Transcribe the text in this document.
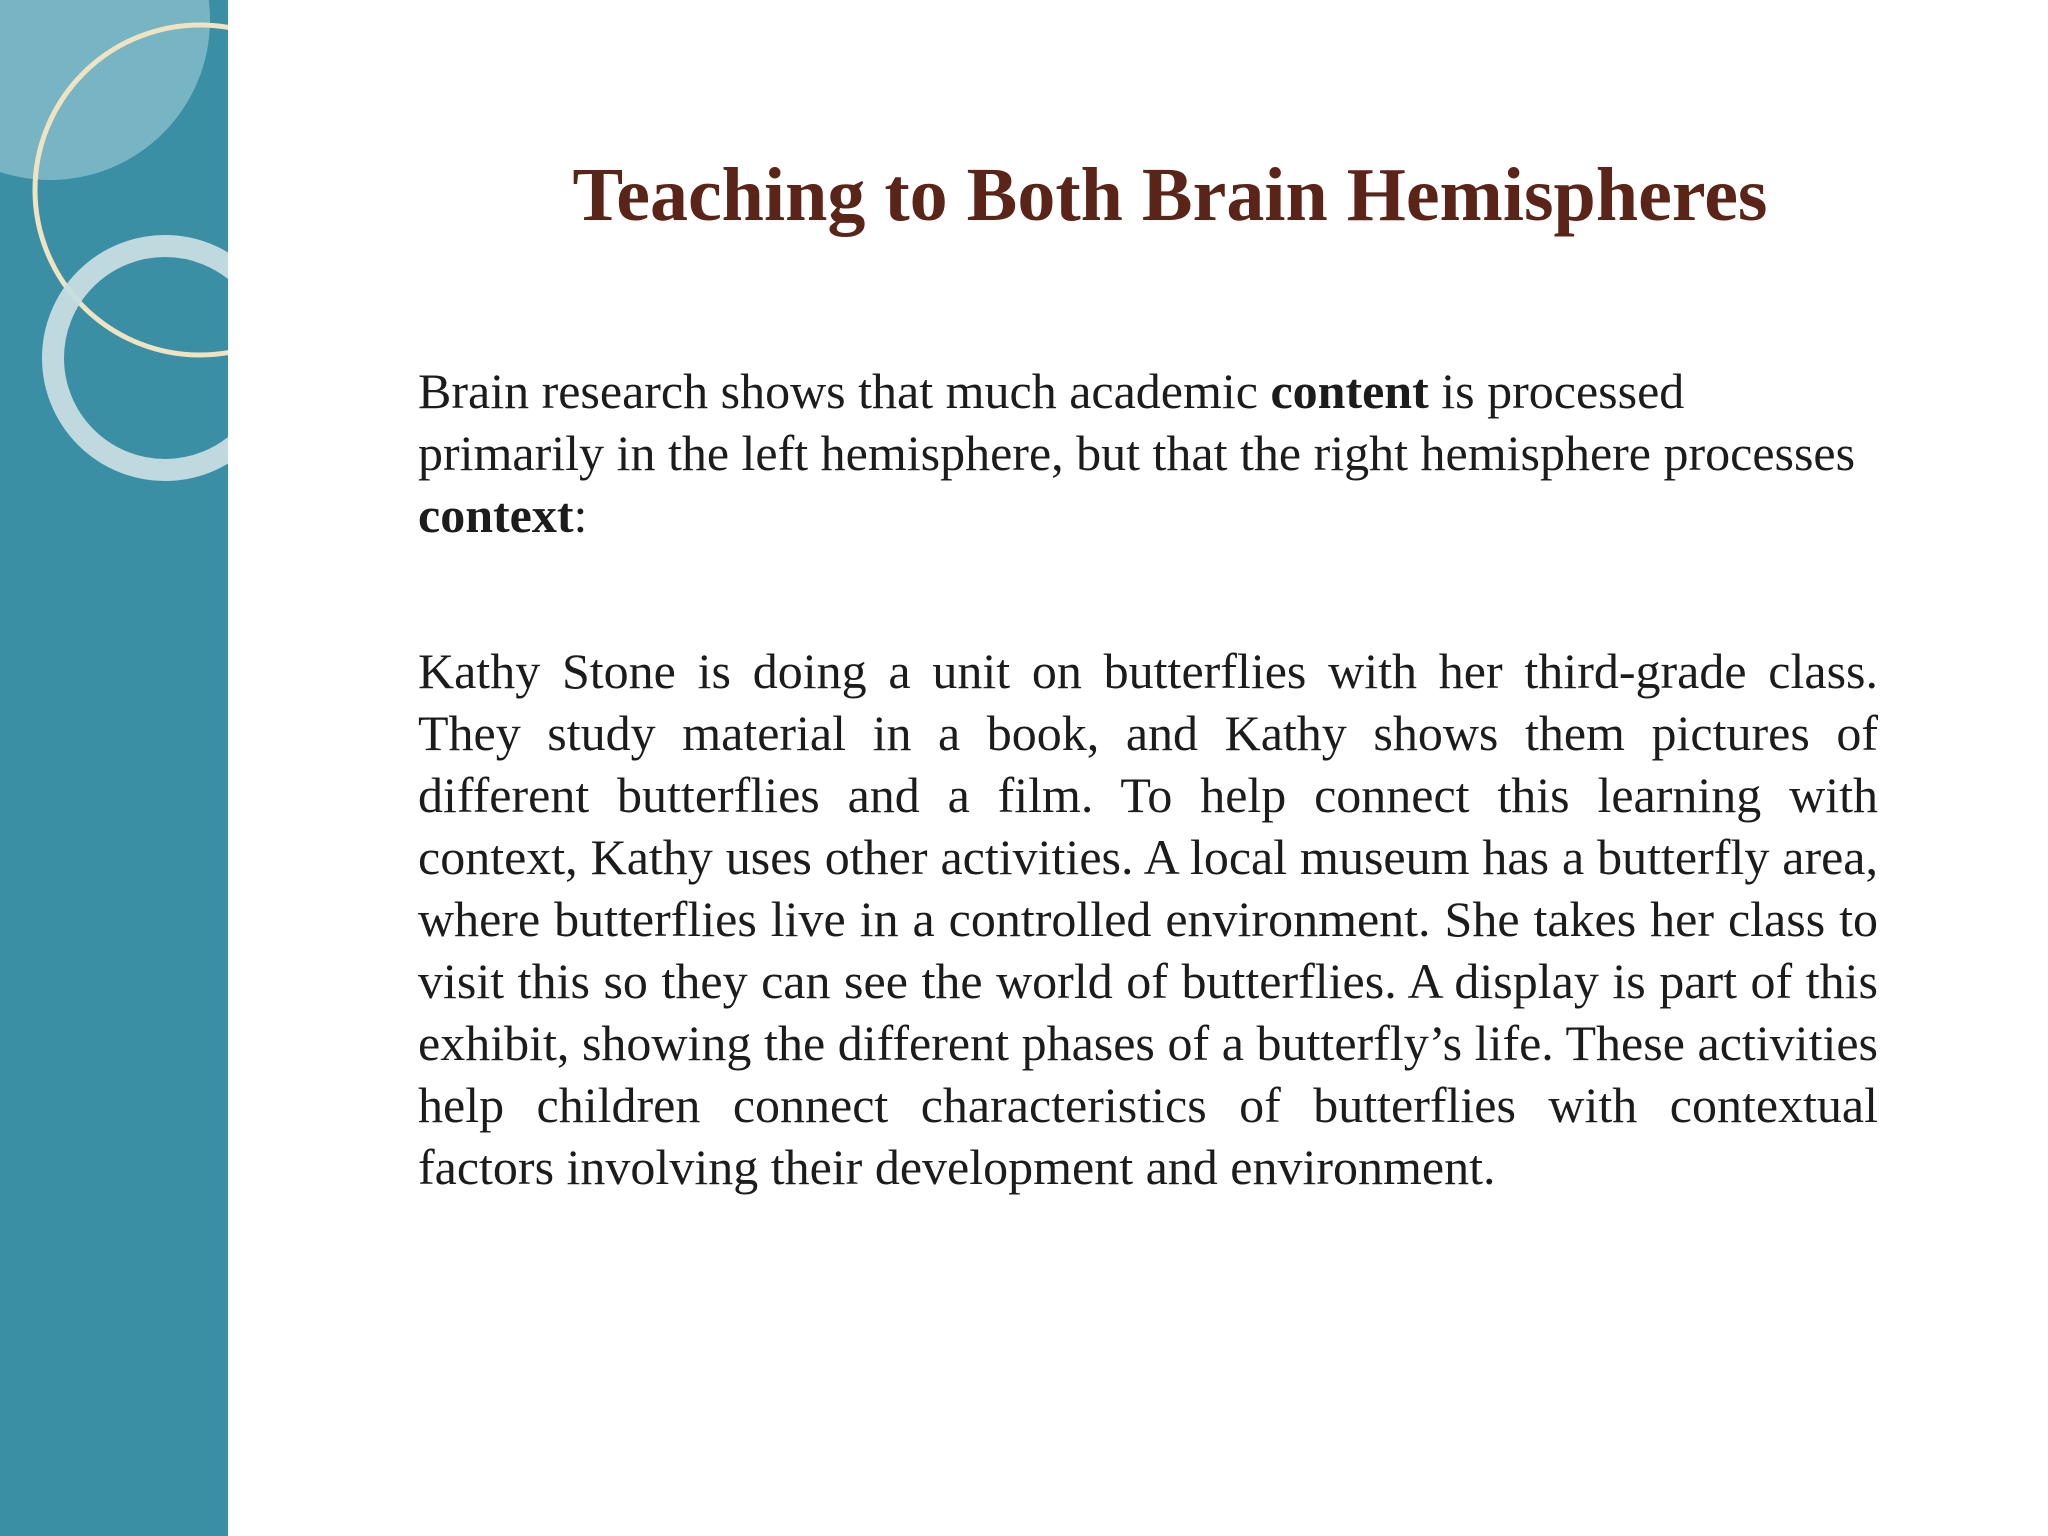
Teaching to Both Brain Hemispheres

Brain research shows that much academic content is processed primarily in the left hemisphere, but that the right hemisphere processes context:

Kathy Stone is doing a unit on butterflies with her third-grade class. They study material in a book, and Kathy shows them pictures of different butterflies and a film. To help connect this learning with context, Kathy uses other activities. A local museum has a butterfly area, where butterflies live in a controlled environment. She takes her class to visit this so they can see the world of butterflies. A display is part of this exhibit, showing the different phases of a butterfly’s life. These activities help children connect characteristics of butterflies with contextual factors involving their development and environment.
